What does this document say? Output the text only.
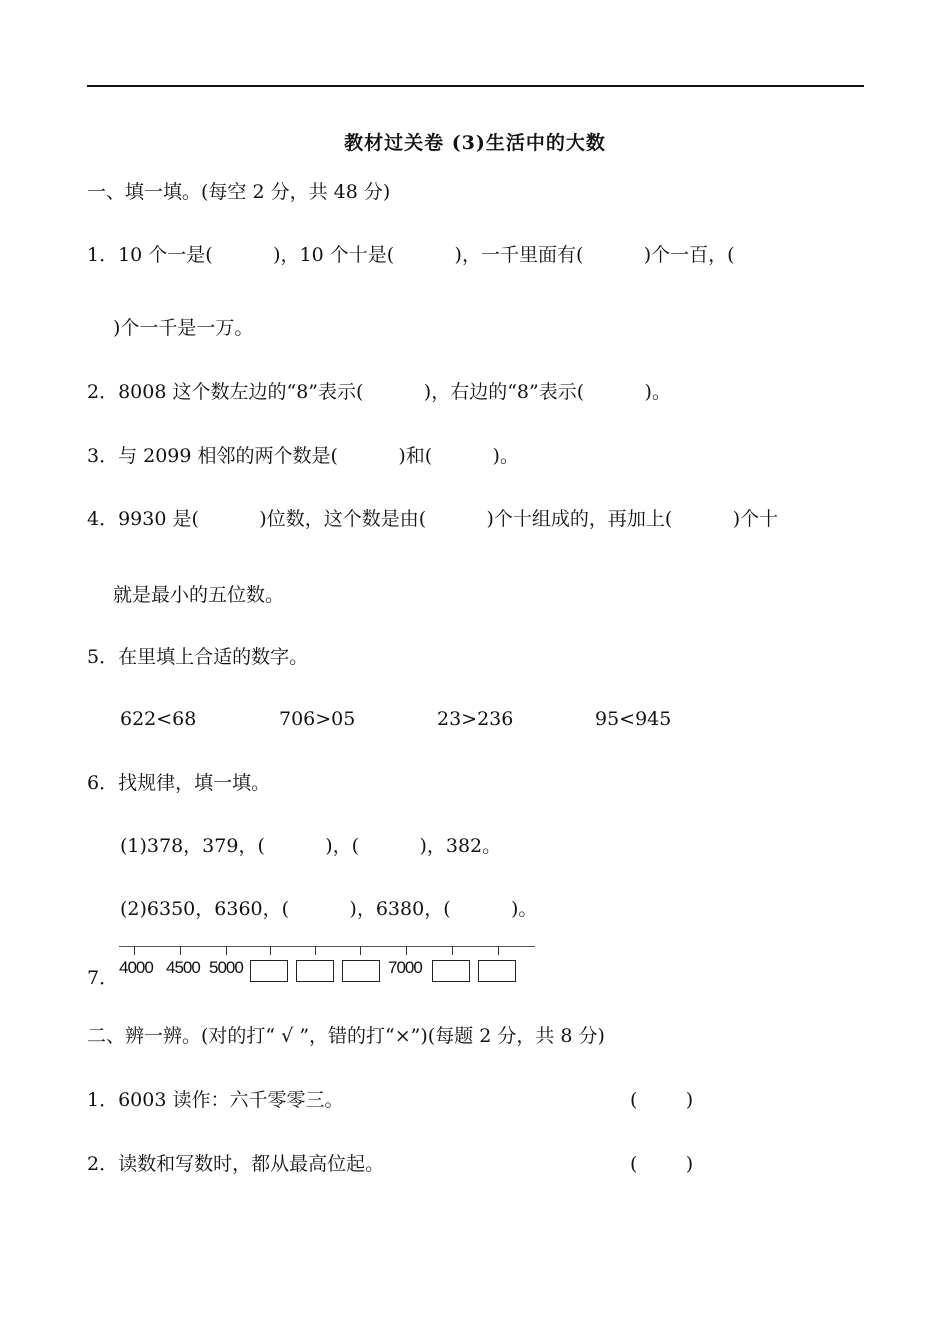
教材过关卷 (3)生活中的大数
一、填一填。(每空 2 分，共 48 分)
1．10 个一是(          )，10 个十是(          )，一千里面有(          )个一百，(
)个一千是一万。
2．8008 这个数左边的“8”表示(          )，右边的“8”表示(          )。
3．与 2099 相邻的两个数是(          )和(          )。
4．9930 是(          )位数，这个数是由(          )个十组成的，再加上(          )个十
就是最小的五位数。
5．在里填上合适的数字。
622<68	706>05	23>236	95<945
6．找规律，填一填。
(1)378，379，(          )，(          )，382。
(2)6350，6360，(          )，6380，(          )。
7． 4000 4500 5000	7000
二、辨一辨。(对的打“ √ ”，错的打“×”)(每题 2 分，共 8 分)
1．6003 读作：六千零零三。	(        )
2．读数和写数时，都从最高位起。	(        )
